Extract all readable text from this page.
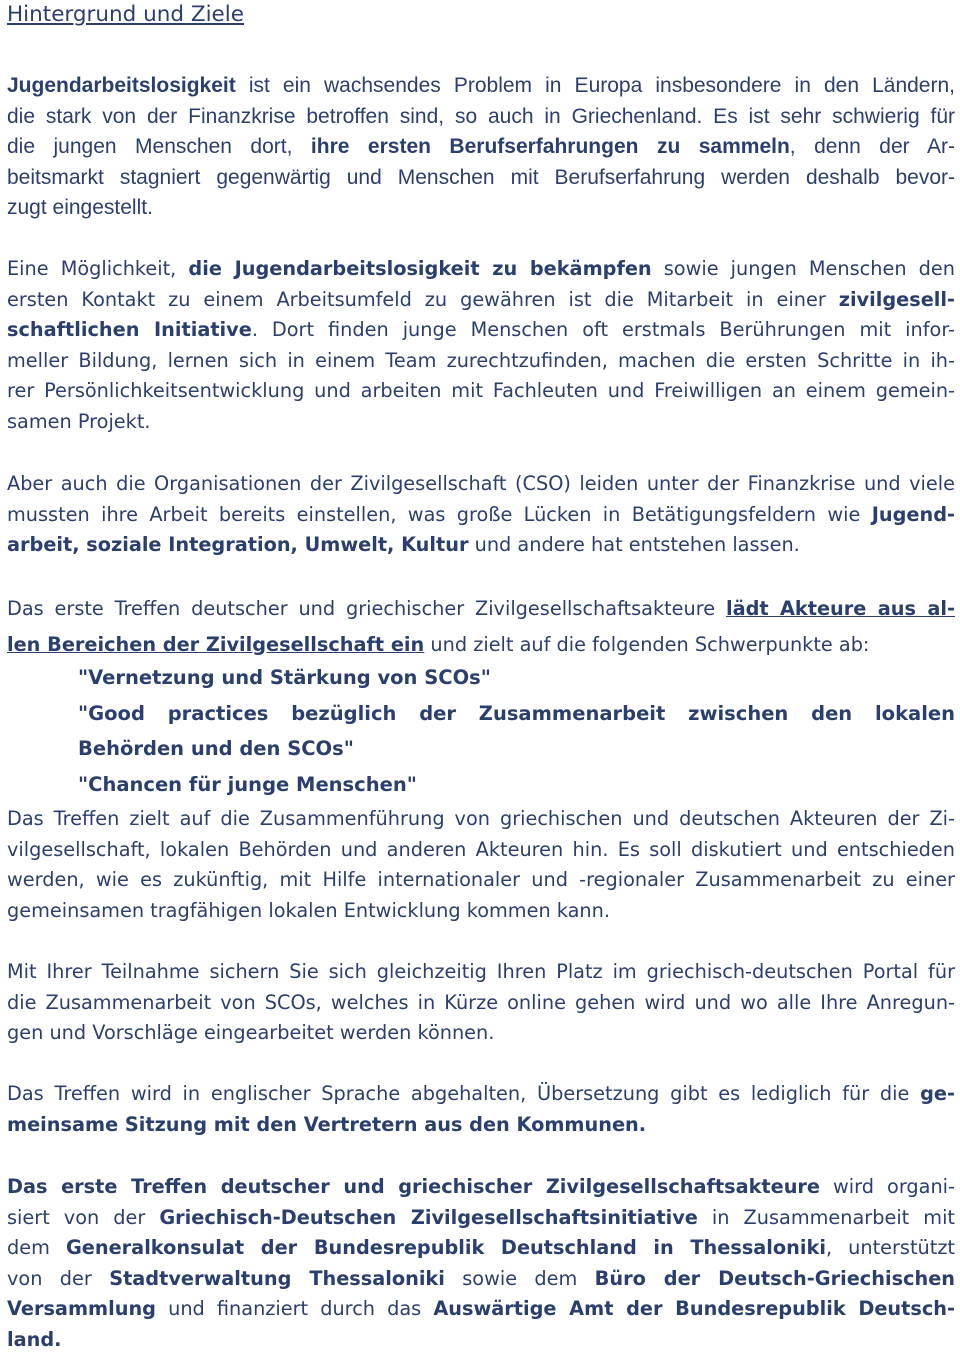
Hintergrund und Ziele
Jugendarbeitslosigkeit ist ein wachsendes Problem in Europa insbesondere in den Ländern,
die stark von der Finanzkrise betroffen sind, so auch in Griechenland. Es ist sehr schwierig für
die jungen Menschen dort, ihre ersten Berufserfahrungen zu sammeln, denn der Ar-
beitsmarkt stagniert gegenwärtig und Menschen mit Berufserfahrung werden deshalb bevor-
zugt eingestellt.
Eine Möglichkeit, die Jugendarbeitslosigkeit zu bekämpfen sowie jungen Menschen den
ersten Kontakt zu einem Arbeitsumfeld zu gewähren ist die Mitarbeit in einer zivilgesell-
schaftlichen Initiative. Dort finden junge Menschen oft erstmals Berührungen mit infor-
meller Bildung, lernen sich in einem Team zurechtzufinden, machen die ersten Schritte in ih-
rer Persönlichkeitsentwicklung und arbeiten mit Fachleuten und Freiwilligen an einem gemein-
samen Projekt.
Aber auch die Organisationen der Zivilgesellschaft (CSO) leiden unter der Finanzkrise und viele
mussten ihre Arbeit bereits einstellen, was große Lücken in Betätigungsfeldern wie Jugend-
arbeit, soziale Integration, Umwelt, Kultur und andere hat entstehen lassen.
Das erste Treffen deutscher und griechischer Zivilgesellschaftsakteure lädt Akteure aus al-
len Bereichen der Zivilgesellschaft ein und zielt auf die folgenden Schwerpunkte ab:
"Vernetzung und Stärkung von SCOs"
"Good practices bezüglich der Zusammenarbeit zwischen den lokalen
Behörden und den SCOs"
"Chancen für junge Menschen"
Das Treffen zielt auf die Zusammenführung von griechischen und deutschen Akteuren der Zi-
vilgesellschaft, lokalen Behörden und anderen Akteuren hin. Es soll diskutiert und entschieden
werden, wie es zukünftig, mit Hilfe internationaler und -regionaler Zusammenarbeit zu einer
gemeinsamen tragfähigen lokalen Entwicklung kommen kann.
Mit Ihrer Teilnahme sichern Sie sich gleichzeitig Ihren Platz im griechisch-deutschen Portal für
die Zusammenarbeit von SCOs, welches in Kürze online gehen wird und wo alle Ihre Anregun-
gen und Vorschläge eingearbeitet werden können.
Das Treffen wird in englischer Sprache abgehalten, Übersetzung gibt es lediglich für die ge-
meinsame Sitzung mit den Vertretern aus den Kommunen.
Das erste Treffen deutscher und griechischer Zivilgesellschaftsakteure wird organi-
siert von der Griechisch-Deutschen Zivilgesellschaftsinitiative in Zusammenarbeit mit
dem Generalkonsulat der Bundesrepublik Deutschland in Thessaloniki, unterstützt
von der Stadtverwaltung Thessaloniki sowie dem Büro der Deutsch-Griechischen
Versammlung und finanziert durch das Auswärtige Amt der Bundesrepublik Deutsch-
land.
